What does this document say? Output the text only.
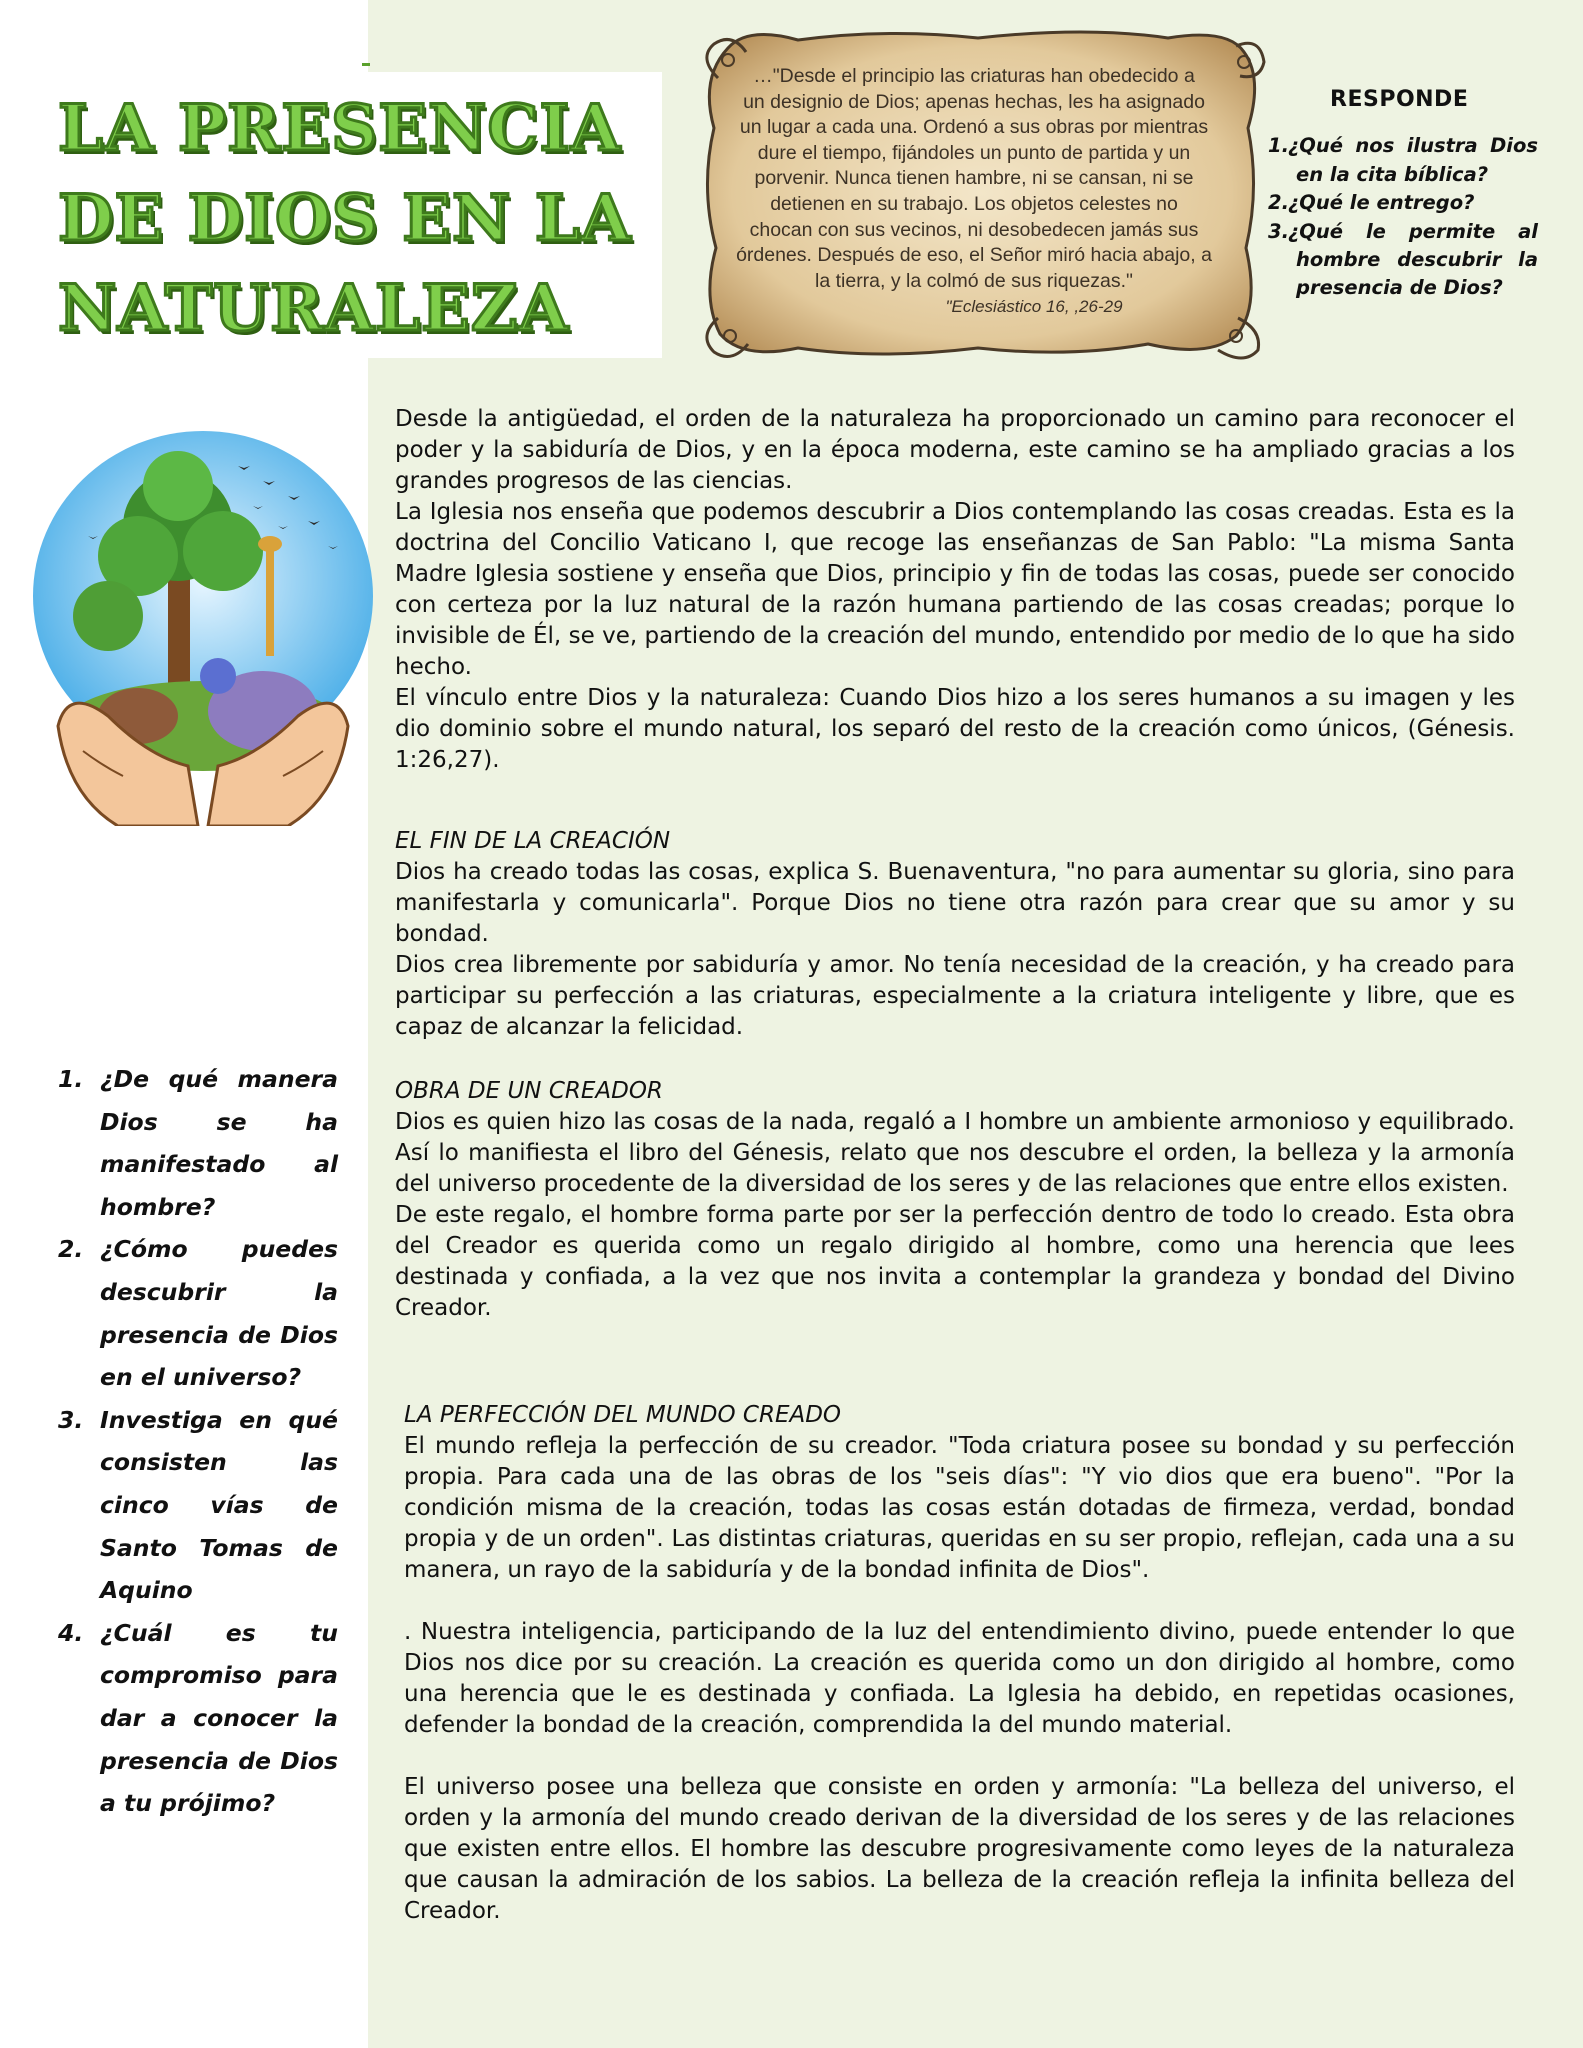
LA PRESENCIA
DE DIOS EN LA
NATURALEZA

…"Desde el principio las criaturas han obedecido a

un designio de Dios; apenas hechas, les ha asignado

un lugar a cada una. Ordenó a sus obras por mientras

dure el tiempo, fijándoles un punto de partida y un

porvenir. Nunca tienen hambre, ni se cansan, ni se

detienen en su trabajo. Los objetos celestes no

chocan con sus vecinos, ni desobedecen jamás sus

órdenes. Después de eso, el Señor miró hacia abajo, a

la tierra, y la colmó de sus riquezas."

"Eclesiástico 16, ,26-29

RESPONDE
1.¿Qué nos ilustra Dios en la cita bíblica?
2.¿Qué le entrego?
3.¿Qué le permite al hombre descubrir la presencia de Dios?

Desde la antigüedad, el orden de la naturaleza ha proporcionado un camino para reconocer el poder y la sabiduría de Dios, y en la época moderna, este camino se ha ampliado gracias a los grandes progresos de las ciencias.

La Iglesia nos enseña que podemos descubrir a Dios contemplando las cosas creadas. Esta es la doctrina del Concilio Vaticano I, que recoge las enseñanzas de San Pablo: "La misma Santa Madre Iglesia sostiene y enseña que Dios, principio y fin de todas las cosas, puede ser conocido con certeza por la luz natural de la razón humana partiendo de las cosas creadas; porque lo invisible de Él, se ve, partiendo de la creación del mundo, entendido por medio de lo que ha sido hecho.

El vínculo entre Dios y la naturaleza: Cuando Dios hizo a los seres humanos a su imagen y les dio dominio sobre el mundo natural, los separó del resto de la creación como únicos, (Génesis. 1:26,27).

EL FIN DE LA CREACIÓN

Dios ha creado todas las cosas, explica S. Buenaventura, "no para aumentar su gloria, sino para manifestarla y comunicarla". Porque Dios no tiene otra razón para crear que su amor y su bondad.

Dios crea libremente por sabiduría y amor. No tenía necesidad de la creación, y ha creado para participar su perfección a las criaturas, especialmente a la criatura inteligente y libre, que es capaz de alcanzar la felicidad.

OBRA DE UN CREADOR

Dios es quien hizo las cosas de la nada, regaló a I hombre un ambiente armonioso y equilibrado. Así lo manifiesta el libro del Génesis, relato que nos descubre el orden, la belleza y la armonía del universo procedente de la diversidad de los seres y de las relaciones que entre ellos existen.

De este regalo, el hombre forma parte por ser la perfección dentro de todo lo creado. Esta obra del Creador es querida como un regalo dirigido al hombre, como una herencia que lees destinada y confiada, a la vez que nos invita a contemplar la grandeza y bondad del Divino Creador.

LA PERFECCIÓN DEL MUNDO CREADO

El mundo refleja la perfección de su creador. "Toda criatura posee su bondad y su perfección propia. Para cada una de las obras de los "seis días": "Y vio dios que era bueno". "Por la condición misma de la creación, todas las cosas están dotadas de firmeza, verdad, bondad propia y de un orden". Las distintas criaturas, queridas en su ser propio, reflejan, cada una a su manera, un rayo de la sabiduría y de la bondad infinita de Dios".

. Nuestra inteligencia, participando de la luz del entendimiento divino, puede entender lo que Dios nos dice por su creación. La creación es querida como un don dirigido al hombre, como una herencia que le es destinada y confiada. La Iglesia ha debido, en repetidas ocasiones, defender la bondad de la creación, comprendida la del mundo material.

El universo posee una belleza que consiste en orden y armonía: "La belleza del universo, el orden y la armonía del mundo creado derivan de la diversidad de los seres y de las relaciones que existen entre ellos. El hombre las descubre progresivamente como leyes de la naturaleza que causan la admiración de los sabios. La belleza de la creación refleja la infinita belleza del Creador.

1. ¿De qué manera Dios se ha manifestado al hombre?
2. ¿Cómo puedes descubrir la presencia de Dios en el universo?
3. Investiga en qué consisten las cinco vías de Santo Tomas de Aquino
4. ¿Cuál es tu compromiso para dar a conocer la presencia de Dios a tu prójimo?
